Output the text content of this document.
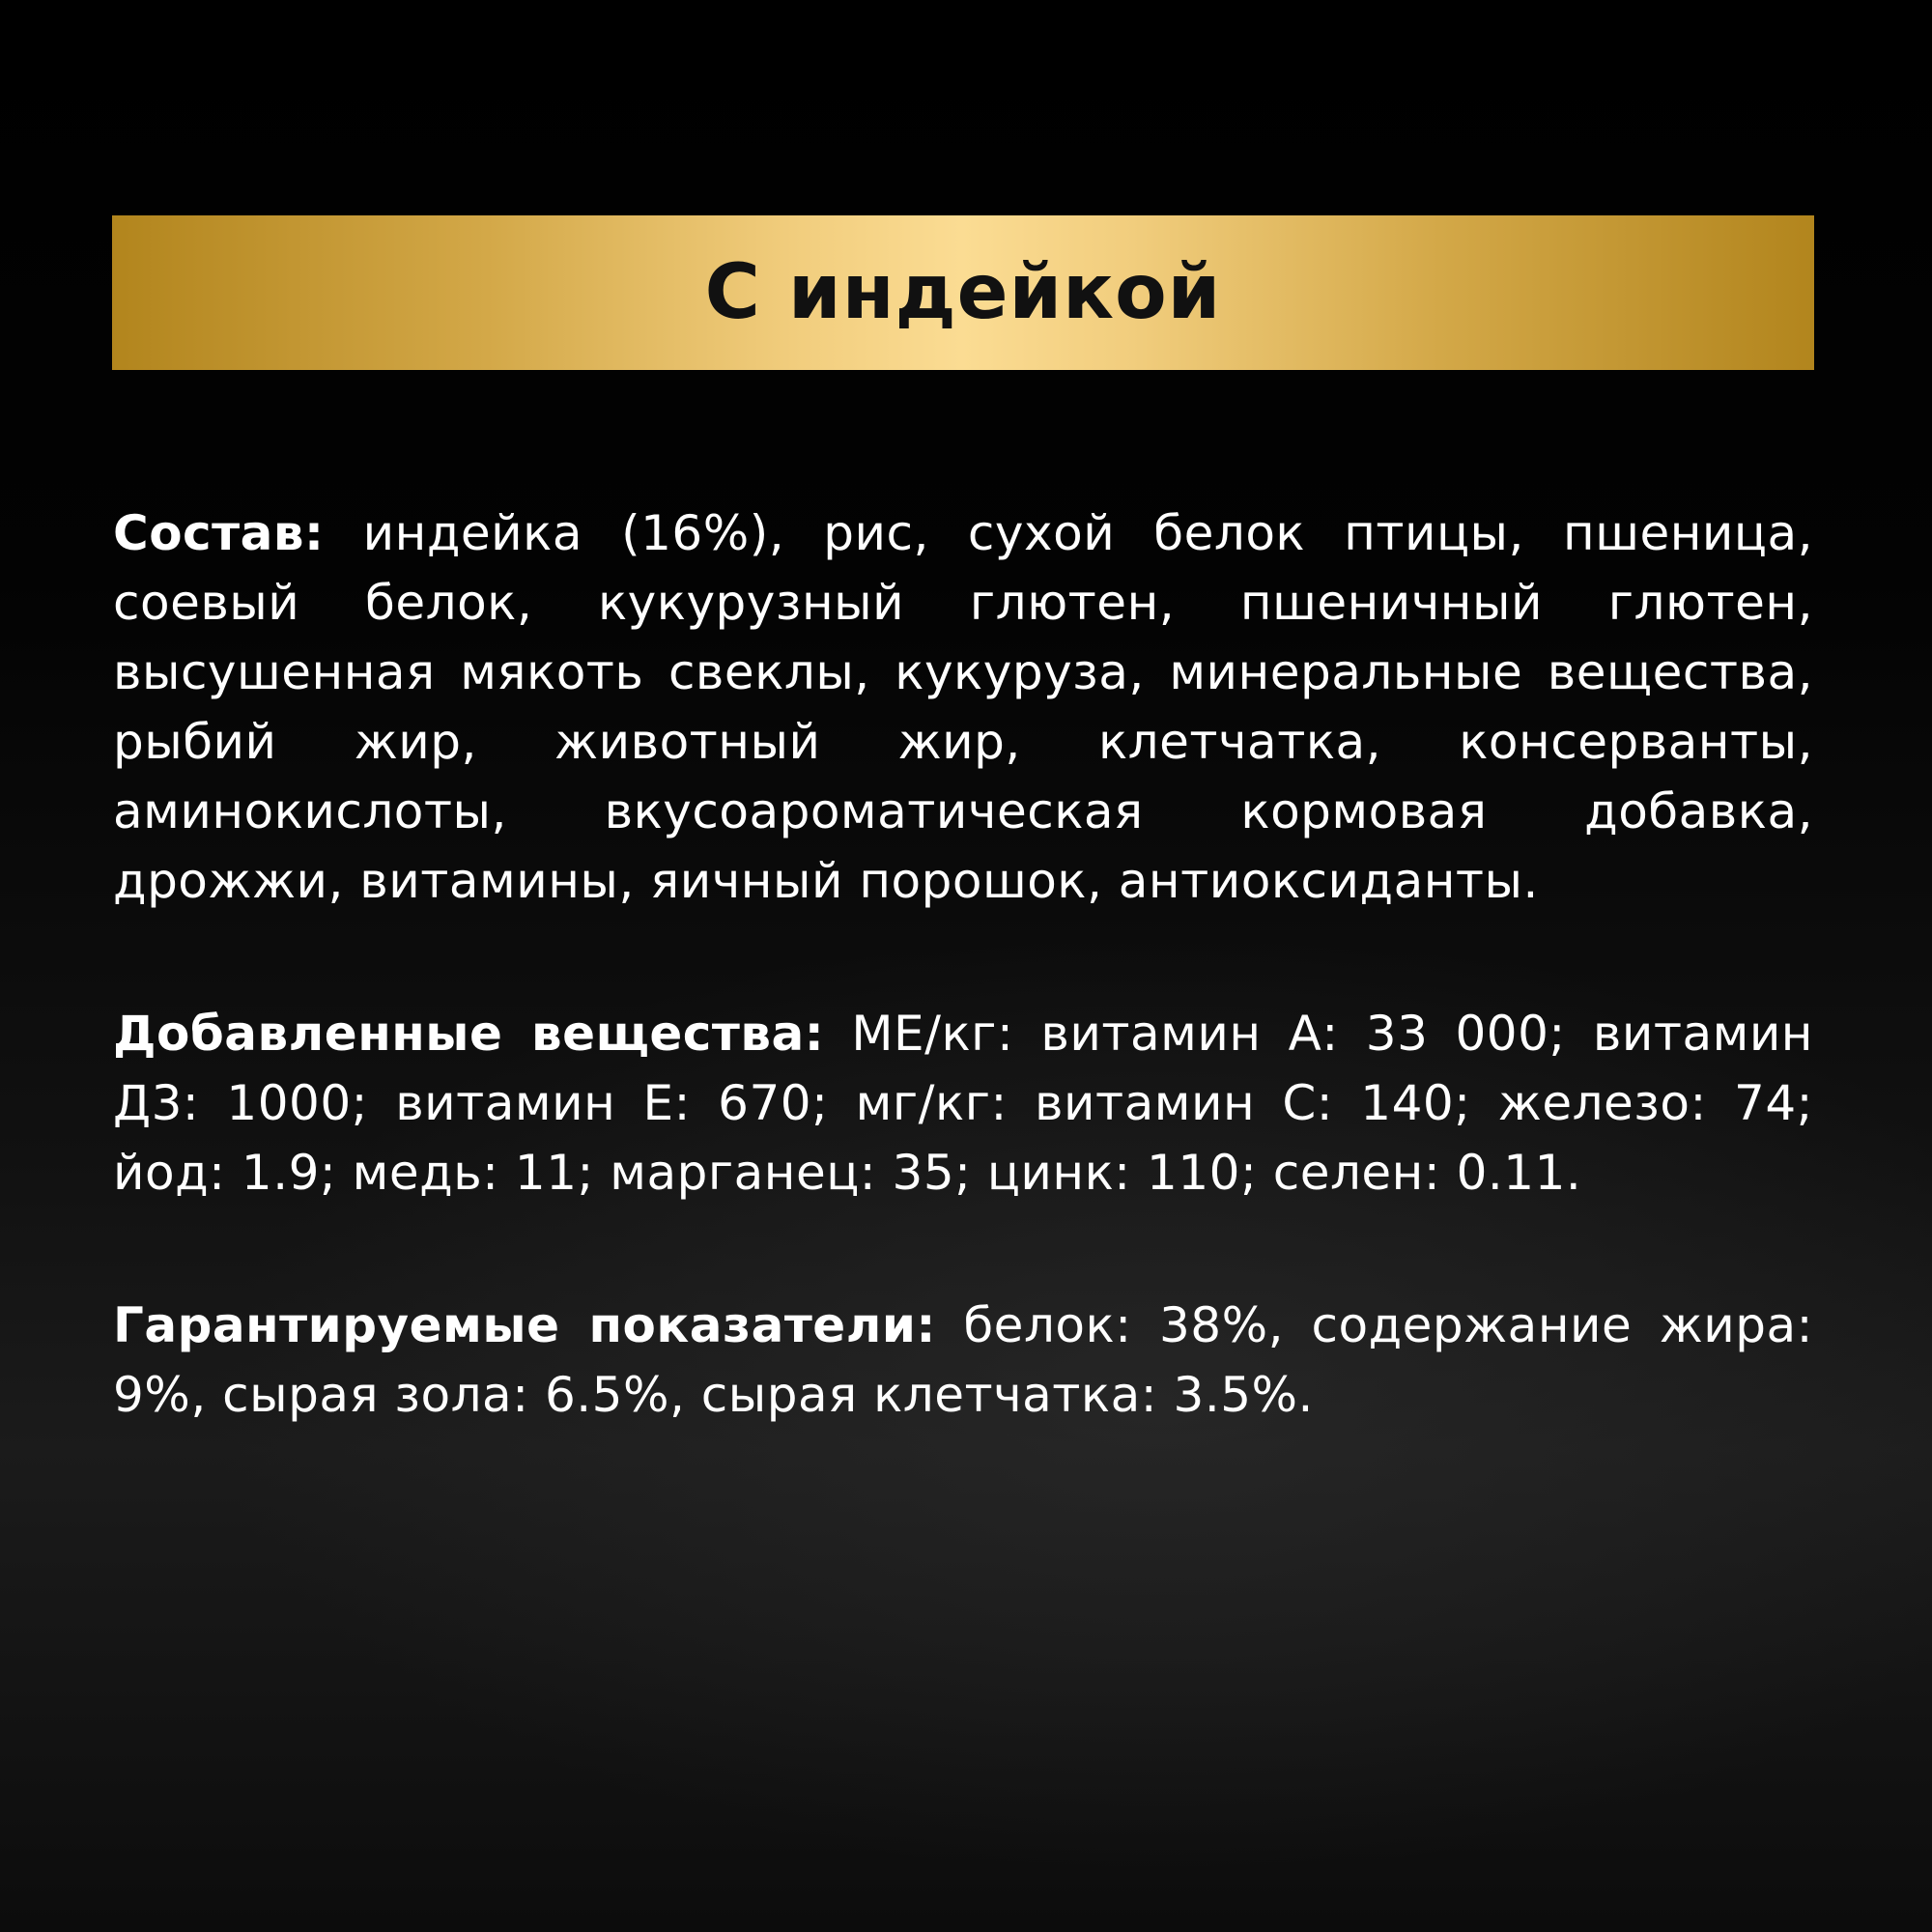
С индейкой

Состав: индейка (16%), рис, сухой белок птицы, пшеница, соевый белок, кукурузный глютен, пшеничный глютен, высушенная мякоть свеклы, кукуруза, минеральные вещества, рыбий жир, животный жир, клетчатка, консерванты, аминокислоты, вкусоароматическая кормовая добавка, дрожжи, витамины, яичный порошок, антиоксиданты.

Добавленные вещества: МЕ/кг: витамин А: 33 000; витамин Д3: 1000; витамин Е: 670; мг/кг: витамин С: 140; железо: 74; йод: 1.9; медь: 11; марганец: 35; цинк: 110; селен: 0.11.

Гарантируемые показатели: белок: 38%, содержание жира: 9%, сырая зола: 6.5%, сырая клетчатка: 3.5%.
